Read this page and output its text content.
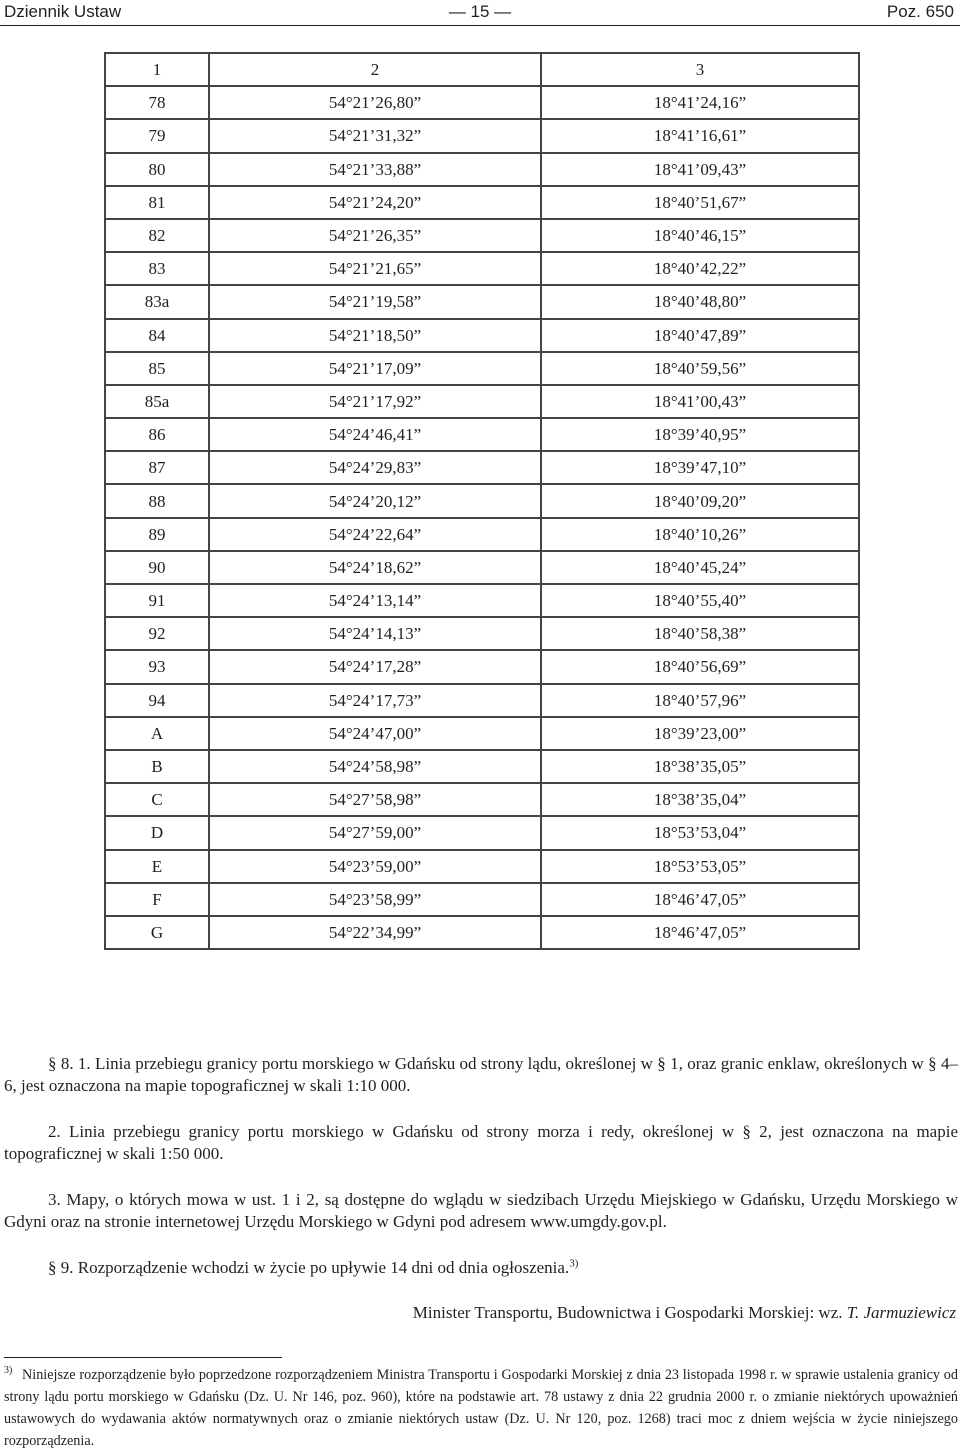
Dziennik Ustaw	— 15 —	Poz. 650
1	2	3
78	54°21’26,80”	18°41’24,16”
79	54°21’31,32”	18°41’16,61”
80	54°21’33,88”	18°41’09,43”
81	54°21’24,20”	18°40’51,67”
82	54°21’26,35”	18°40’46,15”
83	54°21’21,65”	18°40’42,22”
83a	54°21’19,58”	18°40’48,80”
84	54°21’18,50”	18°40’47,89”
85	54°21’17,09”	18°40’59,56”
85a	54°21’17,92”	18°41’00,43”
86	54°24’46,41”	18°39’40,95”
87	54°24’29,83”	18°39’47,10”
88	54°24’20,12”	18°40’09,20”
89	54°24’22,64”	18°40’10,26”
90	54°24’18,62”	18°40’45,24”
91	54°24’13,14”	18°40’55,40”
92	54°24’14,13”	18°40’58,38”
93	54°24’17,28”	18°40’56,69”
94	54°24’17,73”	18°40’57,96”
A	54°24’47,00”	18°39’23,00”
B	54°24’58,98”	18°38’35,05”
C	54°27’58,98”	18°38’35,04”
D	54°27’59,00”	18°53’53,04”
E	54°23’59,00”	18°53’53,05”
F	54°23’58,99”	18°46’47,05”
G	54°22’34,99”	18°46’47,05”
§ 8. 1. Linia przebiegu granicy portu morskiego w Gdańsku od strony lądu, określonej w § 1, oraz granic enklaw, określonych w § 4–6, jest oznaczona na mapie topograficznej w skali 1:10 000.
2. Linia przebiegu granicy portu morskiego w Gdańsku od strony morza i redy, określonej w § 2, jest oznaczona na mapie topograficznej w skali 1:50 000.
3. Mapy, o których mowa w ust. 1 i 2, są dostępne do wglądu w siedzibach Urzędu Miejskiego w Gdańsku, Urzędu Morskiego w Gdyni oraz na stronie internetowej Urzędu Morskiego w Gdyni pod adresem www.umgdy.gov.pl.
§ 9. Rozporządzenie wchodzi w życie po upływie 14 dni od dnia ogłoszenia.$^{3)}$
Minister Transportu, Budownictwa i Gospodarki Morskiej: wz. T. Jarmuziewicz
3) Niniejsze rozporządzenie było poprzedzone rozporządzeniem Ministra Transportu i Gospodarki Morskiej z dnia 23 listopada 1998 r. w sprawie ustalenia granicy od strony lądu portu morskiego w Gdańsku (Dz. U. Nr 146, poz. 960), które na podstawie art. 78 ustawy z dnia 22 grudnia 2000 r. o zmianie niektórych upoważnień ustawowych do wydawania aktów normatywnych oraz o zmianie niektórych ustaw (Dz. U. Nr 120, poz. 1268) traci moc z dniem wejścia w życie niniejszego rozporządzenia.
